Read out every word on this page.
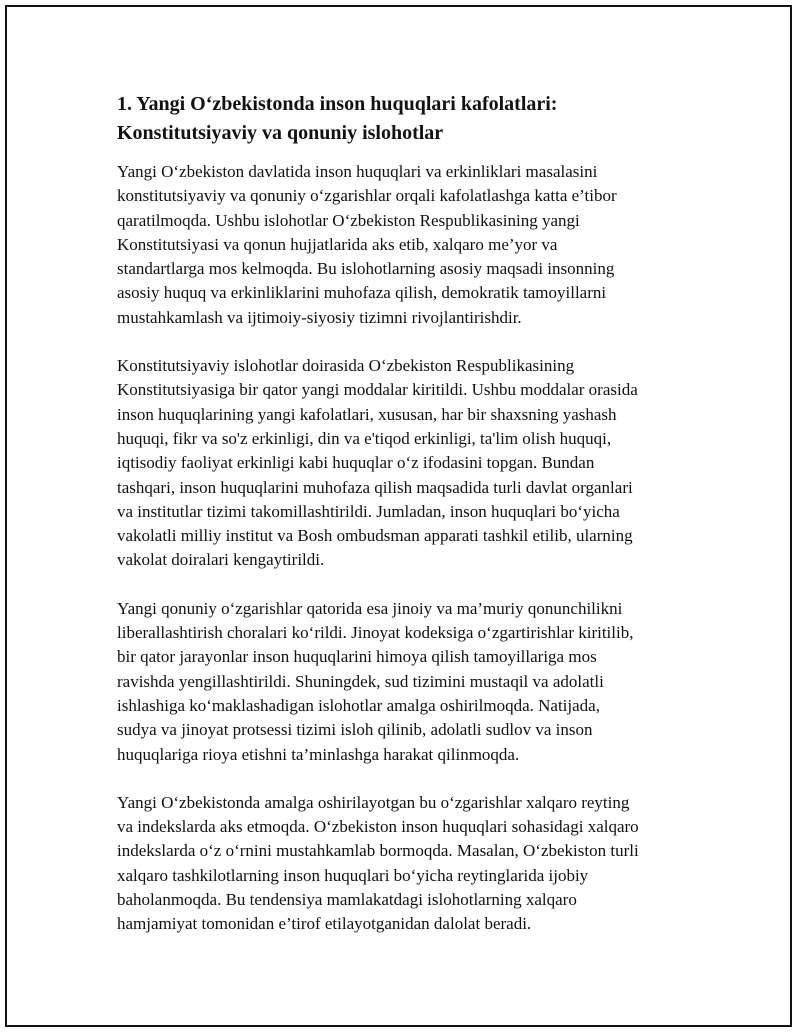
1. Yangi O‘zbekistonda inson huquqlari kafolatlari:
Konstitutsiyaviy va qonuniy islohotlar

Yangi O‘zbekiston davlatida inson huquqlari va erkinliklari masalasini
konstitutsiyaviy va qonuniy o‘zgarishlar orqali kafolatlashga katta e’tibor
qaratilmoqda. Ushbu islohotlar O‘zbekiston Respublikasining yangi
Konstitutsiyasi va qonun hujjatlarida aks etib, xalqaro me’yor va
standartlarga mos kelmoqda. Bu islohotlarning asosiy maqsadi insonning
asosiy huquq va erkinliklarini muhofaza qilish, demokratik tamoyillarni
mustahkamlash va ijtimoiy-siyosiy tizimni rivojlantirishdir.

Konstitutsiyaviy islohotlar doirasida O‘zbekiston Respublikasining
Konstitutsiyasiga bir qator yangi moddalar kiritildi. Ushbu moddalar orasida
inson huquqlarining yangi kafolatlari, xususan, har bir shaxsning yashash
huquqi, fikr va so'z erkinligi, din va e'tiqod erkinligi, ta'lim olish huquqi,
iqtisodiy faoliyat erkinligi kabi huquqlar o‘z ifodasini topgan. Bundan
tashqari, inson huquqlarini muhofaza qilish maqsadida turli davlat organlari
va institutlar tizimi takomillashtirildi. Jumladan, inson huquqlari bo‘yicha
vakolatli milliy institut va Bosh ombudsman apparati tashkil etilib, ularning
vakolat doiralari kengaytirildi.

Yangi qonuniy o‘zgarishlar qatorida esa jinoiy va ma’muriy qonunchilikni
liberallashtirish choralari ko‘rildi. Jinoyat kodeksiga o‘zgartirishlar kiritilib,
bir qator jarayonlar inson huquqlarini himoya qilish tamoyillariga mos
ravishda yengillashtirildi. Shuningdek, sud tizimini mustaqil va adolatli
ishlashiga ko‘maklashadigan islohotlar amalga oshirilmoqda. Natijada,
sudya va jinoyat protsessi tizimi isloh qilinib, adolatli sudlov va inson
huquqlariga rioya etishni ta’minlashga harakat qilinmoqda.

Yangi O‘zbekistonda amalga oshirilayotgan bu o‘zgarishlar xalqaro reyting
va indekslarda aks etmoqda. O‘zbekiston inson huquqlari sohasidagi xalqaro
indekslarda o‘z o‘rnini mustahkamlab bormoqda. Masalan, O‘zbekiston turli
xalqaro tashkilotlarning inson huquqlari bo‘yicha reytinglarida ijobiy
baholanmoqda. Bu tendensiya mamlakatdagi islohotlarning xalqaro
hamjamiyat tomonidan e’tirof etilayotganidan dalolat beradi.
